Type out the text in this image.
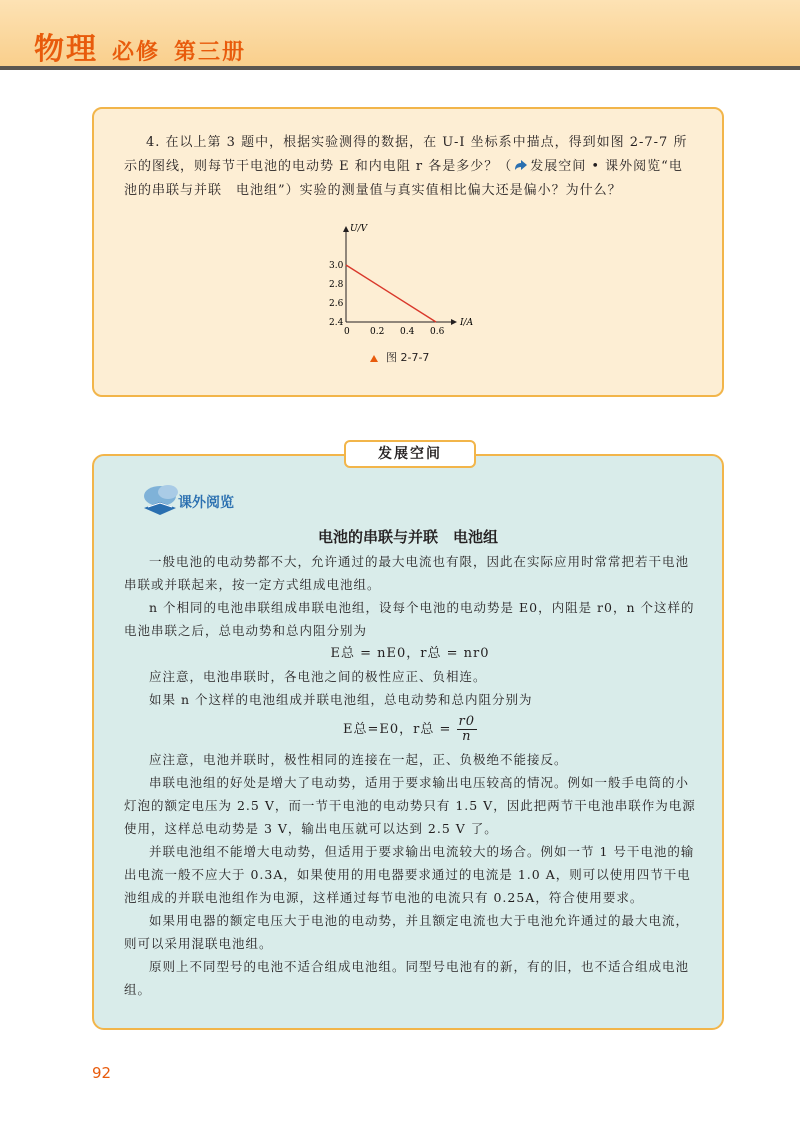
物理 必修 第三册
4. 在以上第 3 题中，根据实验测得的数据，在 U-I 坐标系中描点，得到如图 2-7-7 所示的图线，则每节干电池的电动势 E 和内电阻 r 各是多少？（ 发展空间 • 课外阅览“电池的串联与并联　电池组”）实验的测量值与真实值相比偏大还是偏小？为什么？
0 0.2 0.4 0.6
2.4
2.6
2.8
3.0
U/V
I/A
图 2-7-7
发展空间
课外阅览
电池的串联与并联　电池组

一般电池的电动势都不大，允许通过的最大电流也有限，因此在实际应用时常常把若干电池串联或并联起来，按一定方式组成电池组。

n 个相同的电池串联组成串联电池组，设每个电池的电动势是 E0，内阻是 r0，n 个这样的电池串联之后，总电动势和总内阻分别为

E总 = nE0，r总 = nr0

应注意，电池串联时，各电池之间的极性应正、负相连。

如果 n 个这样的电池组成并联电池组，总电动势和总内阻分别为

E总=E0，r总 = $\frac{r0}{n}$

应注意，电池并联时，极性相同的连接在一起，正、负极绝不能接反。

串联电池组的好处是增大了电动势，适用于要求输出电压较高的情况。例如一般手电筒的小灯泡的额定电压为 2.5 V，而一节干电池的电动势只有 1.5 V，因此把两节干电池串联作为电源使用，这样总电动势是 3 V，输出电压就可以达到 2.5 V 了。

并联电池组不能增大电动势，但适用于要求输出电流较大的场合。例如一节 1 号干电池的输出电流一般不应大于 0.3A，如果使用的用电器要求通过的电流是 1.0 A，则可以使用四节干电池组成的并联电池组作为电源，这样通过每节电池的电流只有 0.25A，符合使用要求。

如果用电器的额定电压大于电池的电动势，并且额定电流也大于电池允许通过的最大电流，则可以采用混联电池组。

原则上不同型号的电池不适合组成电池组。同型号电池有的新，有的旧，也不适合组成电池组。

92
